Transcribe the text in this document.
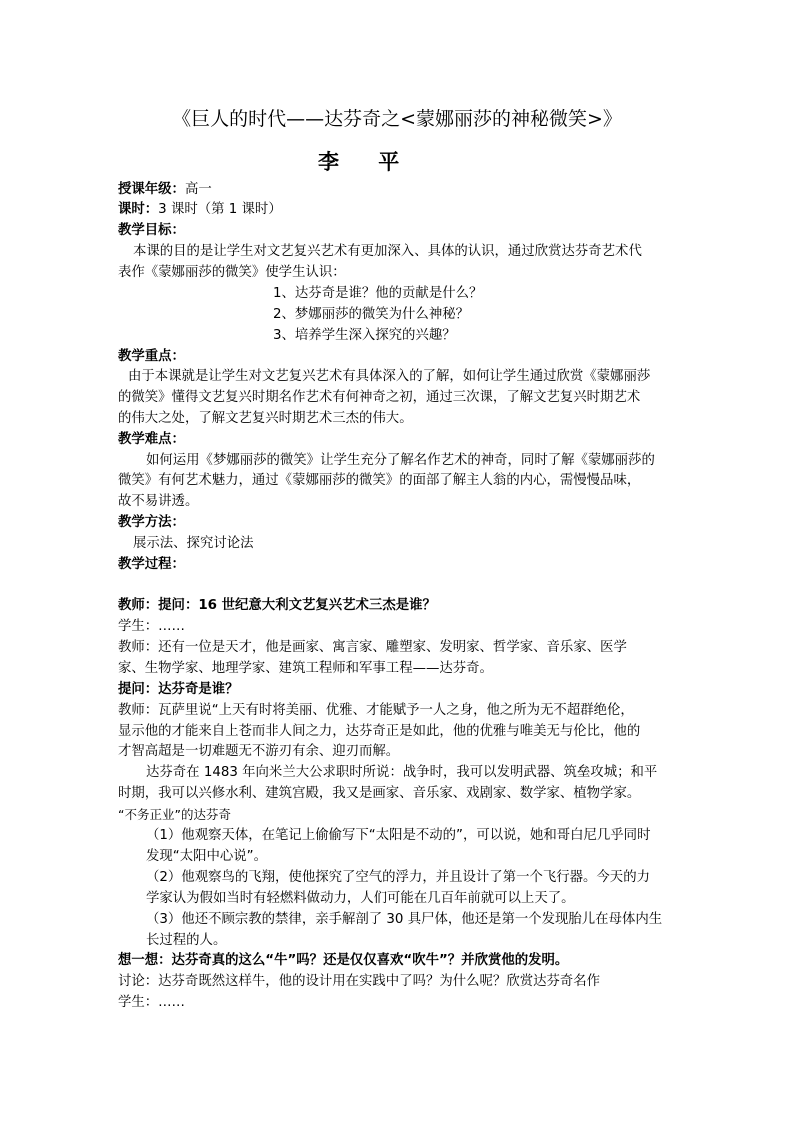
《巨人的时代——达芬奇之<蒙娜丽莎的神秘微笑>》
李 平
授课年级：高一
课时：3 课时（第 1 课时）
教学目标：
本课的目的是让学生对文艺复兴艺术有更加深入、具体的认识，通过欣赏达芬奇艺术代
表作《蒙娜丽莎的微笑》使学生认识：
1、达芬奇是谁？他的贡献是什么？
2、梦娜丽莎的微笑为什么神秘？
3、培养学生深入探究的兴趣？
教学重点：
由于本课就是让学生对文艺复兴艺术有具体深入的了解，如何让学生通过欣赏《蒙娜丽莎
的微笑》懂得文艺复兴时期名作艺术有何神奇之初，通过三次课，了解文艺复兴时期艺术
的伟大之处，了解文艺复兴时期艺术三杰的伟大。
教学难点：
如何运用《梦娜丽莎的微笑》让学生充分了解名作艺术的神奇，同时了解《蒙娜丽莎的
微笑》有何艺术魅力，通过《蒙娜丽莎的微笑》的面部了解主人翁的内心，需慢慢品味，
故不易讲透。
教学方法：
展示法、探究讨论法
教学过程：
教师：提问：16 世纪意大利文艺复兴艺术三杰是谁？
学生：……
教师：还有一位是天才，他是画家、寓言家、雕塑家、发明家、哲学家、音乐家、医学
家、生物学家、地理学家、建筑工程师和军事工程——达芬奇。
提问：达芬奇是谁？
教师：瓦萨里说“上天有时将美丽、优雅、才能赋予一人之身，他之所为无不超群绝伦，
显示他的才能来自上苍而非人间之力，达芬奇正是如此，他的优雅与唯美无与伦比，他的
才智高超是一切难题无不游刃有余、迎刃而解。
达芬奇在 1483 年向米兰大公求职时所说：战争时，我可以发明武器、筑垒攻城；和平
时期，我可以兴修水利、建筑宫殿，我又是画家、音乐家、戏剧家、数学家、植物学家。
“不务正业”的达芬奇
（1）他观察天体，在笔记上偷偷写下“太阳是不动的”，可以说，她和哥白尼几乎同时
发现“太阳中心说”。
（2）他观察鸟的飞翔，使他探究了空气的浮力，并且设计了第一个飞行器。今天的力
学家认为假如当时有轻燃料做动力，人们可能在几百年前就可以上天了。
（3）他还不顾宗教的禁律，亲手解剖了 30 具尸体，他还是第一个发现胎儿在母体内生
长过程的人。
想一想：达芬奇真的这么“牛”吗？还是仅仅喜欢“吹牛”？并欣赏他的发明。
讨论：达芬奇既然这样牛，他的设计用在实践中了吗？为什么呢？欣赏达芬奇名作
学生：……
